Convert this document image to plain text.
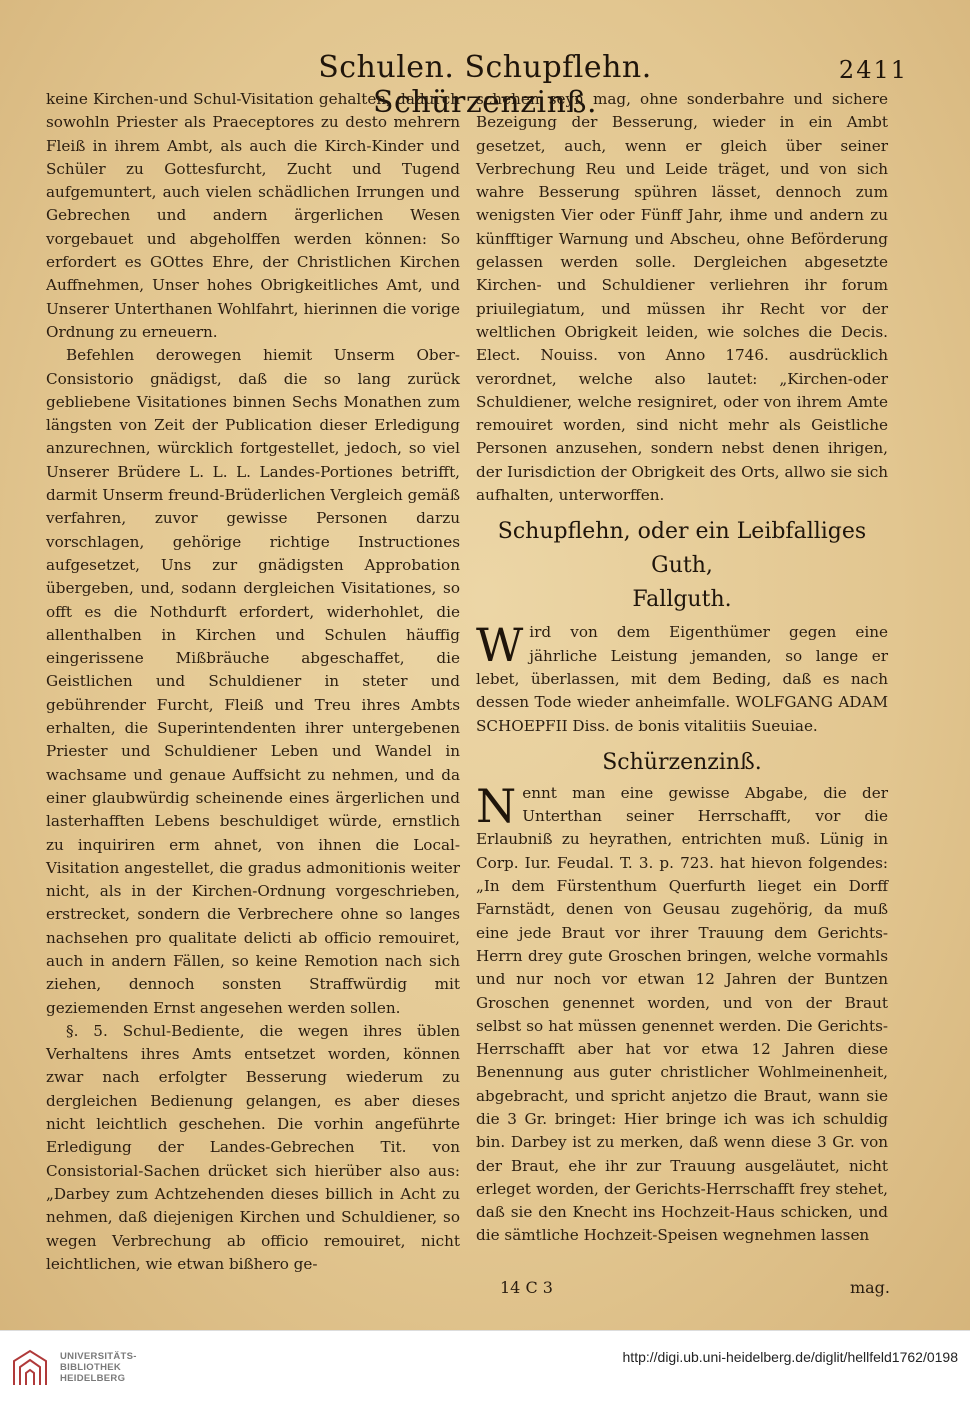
Schulen. Schupflehn. Schürzenzinß.
2411

keine Kirchen-und Schul-Visitation gehalten, dadurch sowohln Priester als Praeceptores zu desto mehrern Fleiß in ihrem Ambt, als auch die Kirch-Kinder und Schüler zu Gottesfurcht, Zucht und Tugend aufgemuntert, auch vielen schädlichen Irrungen und Gebrechen und andern ärgerlichen Wesen vorgebauet und abgeholffen werden können: So erfordert es GOttes Ehre, der Christlichen Kirchen Auffnehmen, Unser hohes Obrigkeitliches Amt, und Unserer Unterthanen Wohlfahrt, hierinnen die vorige Ordnung zu erneuern.

Befehlen derowegen hiemit Unserm Ober-Consistorio gnädigst, daß die so lang zurück gebliebene Visitationes binnen Sechs Monathen zum längsten von Zeit der Publication dieser Erledigung anzurechnen, würcklich fortgestellet, jedoch, so viel Unserer Brüdere L. L. L. Landes-Portiones betrifft, darmit Unserm freund-Brüderlichen Vergleich gemäß verfahren, zuvor gewisse Personen darzu vorschlagen, gehörige richtige Instructiones aufgesetzet, Uns zur gnädigsten Approbation übergeben, und, sodann dergleichen Visitationes, so offt es die Nothdurft erfordert, widerhohlet, die allenthalben in Kirchen und Schulen häuffig eingerissene Mißbräuche abgeschaffet, die Geistlichen und Schuldiener in steter und gebührender Furcht, Fleiß und Treu ihres Ambts erhalten, die Superintendenten ihrer untergebenen Priester und Schuldiener Leben und Wandel in wachsame und genaue Auffsicht zu nehmen, und da einer glaubwürdig scheinende eines ärgerlichen und lasterhafften Lebens beschuldiget würde, ernstlich zu inquiriren erm ahnet, von ihnen die Local-Visitation angestellet, die gradus admonitionis weiter nicht, als in der Kirchen-Ordnung vorgeschrieben, erstrecket, sondern die Verbrechere ohne so langes nachsehen pro qualitate delicti ab officio remouiret, auch in andern Fällen, so keine Remotion nach sich ziehen, dennoch sonsten Straffwürdig mit geziemenden Ernst angesehen werden sollen.

§. 5. Schul-Bediente, die wegen ihres üblen Verhaltens ihres Amts entsetzet worden, können zwar nach erfolgter Besserung wiederum zu dergleichen Bedienung gelangen, es aber dieses nicht leichtlich geschehen. Die vorhin angeführte Erledigung der Landes-Gebrechen Tit. von Consistorial-Sachen drücket sich hierüber also aus: „Darbey zum Achtzehenden dieses billich in Acht zu nehmen, daß diejenigen Kirchen und Schuldiener, so wegen Verbrechung ab officio remouiret, nicht leichtlichen, wie etwan bißhero ge-

schehen seyn mag, ohne sonderbahre und sichere Bezeigung der Besserung, wieder in ein Ambt gesetzet, auch, wenn er gleich über seiner Verbrechung Reu und Leide träget, und von sich wahre Besserung spühren lässet, dennoch zum wenigsten Vier oder Fünff Jahr, ihme und andern zu künfftiger Warnung und Abscheu, ohne Beförderung gelassen werden solle. Dergleichen abgesetzte Kirchen- und Schuldiener verliehren ihr forum priuilegiatum, und müssen ihr Recht vor der weltlichen Obrigkeit leiden, wie solches die Decis. Elect. Nouiss. von Anno 1746. ausdrücklich verordnet, welche also lautet: „Kirchen-oder Schuldiener, welche resigniret, oder von ihrem Amte remouiret worden, sind nicht mehr als Geistliche Personen anzusehen, sondern nebst denen ihrigen, der Iurisdiction der Obrigkeit des Orts, allwo sie sich aufhalten, unterworffen.

Schupflehn, oder ein Leibfalliges Guth,
Fallguth.

W ird von dem Eigenthümer gegen eine jährliche Leistung jemanden, so lange er lebet, überlassen, mit dem Beding, daß es nach dessen Tode wieder anheimfalle. WOLFGANG ADAM SCHOEPFII Diss. de bonis vitalitiis Sueuiae.

Schürzenzinß.

N ennt man eine gewisse Abgabe, die der Unterthan seiner Herrschafft, vor die Erlaubniß zu heyrathen, entrichten muß. Lünig in Corp. Iur. Feudal. T. 3. p. 723. hat hievon folgendes: „In dem Fürstenthum Querfurth lieget ein Dorff Farnstädt, denen von Geusau zugehörig, da muß eine jede Braut vor ihrer Trauung dem Gerichts-Herrn drey gute Groschen bringen, welche vormahls und nur noch vor etwan 12 Jahren der Buntzen Groschen genennet worden, und von der Braut selbst so hat müssen genennet werden. Die Gerichts-Herrschafft aber hat vor etwa 12 Jahren diese Benennung aus guter christlicher Wohlmeinenheit, abgebracht, und spricht anjetzo die Braut, wann sie die 3 Gr. bringet: Hier bringe ich was ich schuldig bin. Darbey ist zu merken, daß wenn diese 3 Gr. von der Braut, ehe ihr zur Trauung ausgeläutet, nicht erleget worden, der Gerichts-Herrschafft frey stehet, daß sie den Knecht ins Hochzeit-Haus schicken, und die sämtliche Hochzeit-Speisen wegnehmen lassen

14 C 3	mag.
UNIVERSITÄTS-
BIBLIOTHEK
HEIDELBERG
http://digi.ub.uni-heidelberg.de/diglit/hellfeld1762/0198
